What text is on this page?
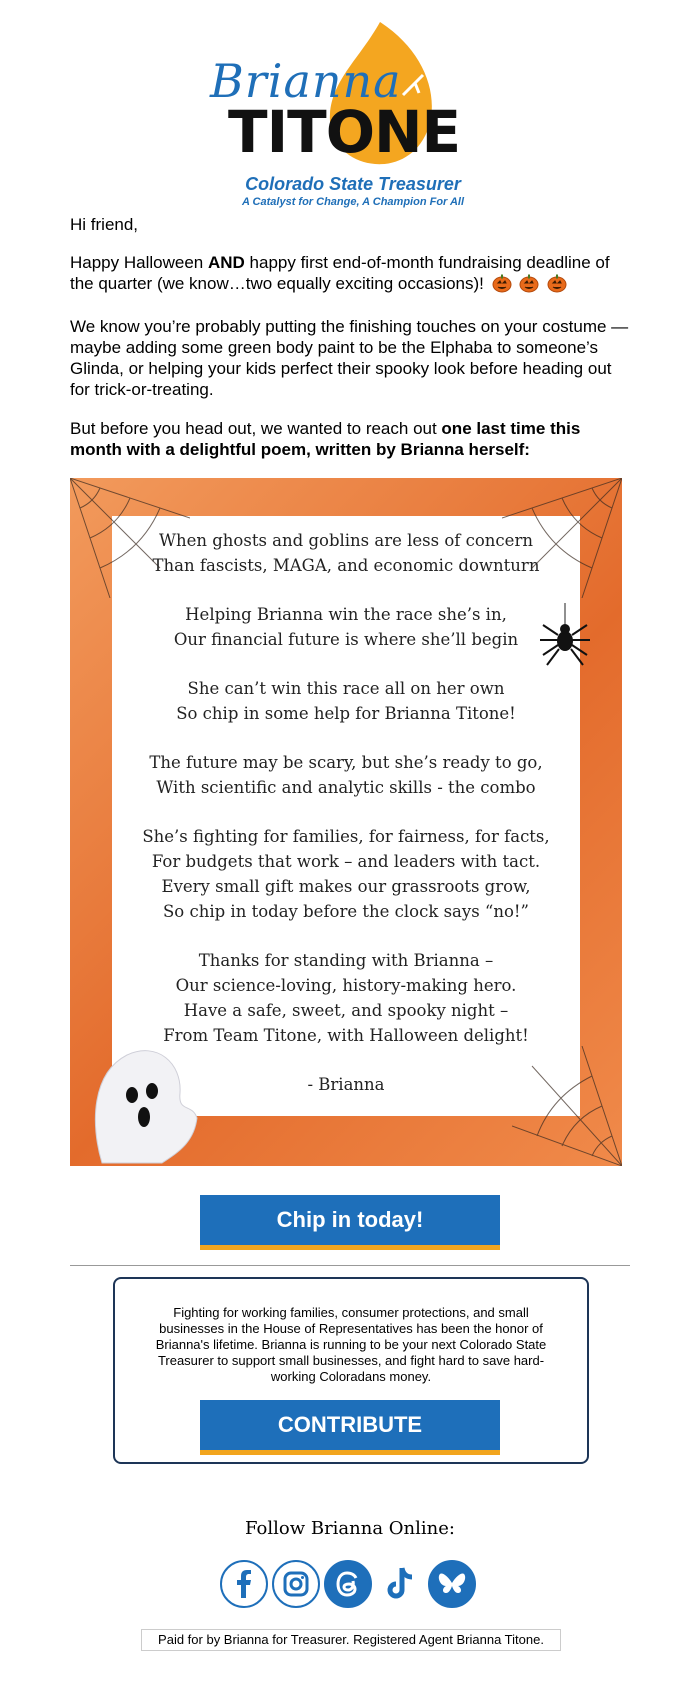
Brianna
TITONE
Colorado State Treasurer
A Catalyst for Change, A Champion For All
Hi friend,
Happy Halloween AND happy first end-of-month fundraising deadline of the quarter (we know…two equally exciting occasions)!
We know you’re probably putting the finishing touches on your costume — maybe adding some green body paint to be the Elphaba to someone’s Glinda, or helping your kids perfect their spooky look before heading out for trick-or-treating.
But before you head out, we wanted to reach out one last time this month with a delightful poem, written by Brianna herself:
When ghosts and goblins are less of concern
Than fascists, MAGA, and economic downturn
Helping Brianna win the race she’s in,
Our financial future is where she’ll begin
She can’t win this race all on her own
So chip in some help for Brianna Titone!
The future may be scary, but she’s ready to go,
With scientific and analytic skills - the combo
She’s fighting for families, for fairness, for facts,
For budgets that work – and leaders with tact.
Every small gift makes our grassroots grow,
So chip in today before the clock says “no!”
Thanks for standing with Brianna –
Our science-loving, history-making hero.
Have a safe, sweet, and spooky night –
From Team Titone, with Halloween delight!
- Brianna
Chip in today!
Fighting for working families, consumer protections, and small businesses in the House of Representatives has been the honor of Brianna's lifetime. Brianna is running to be your next Colorado State Treasurer to support small businesses, and fight hard to save hard-working Coloradans money.
CONTRIBUTE
Follow Brianna Online:
Paid for by Brianna for Treasurer. Registered Agent Brianna Titone.
